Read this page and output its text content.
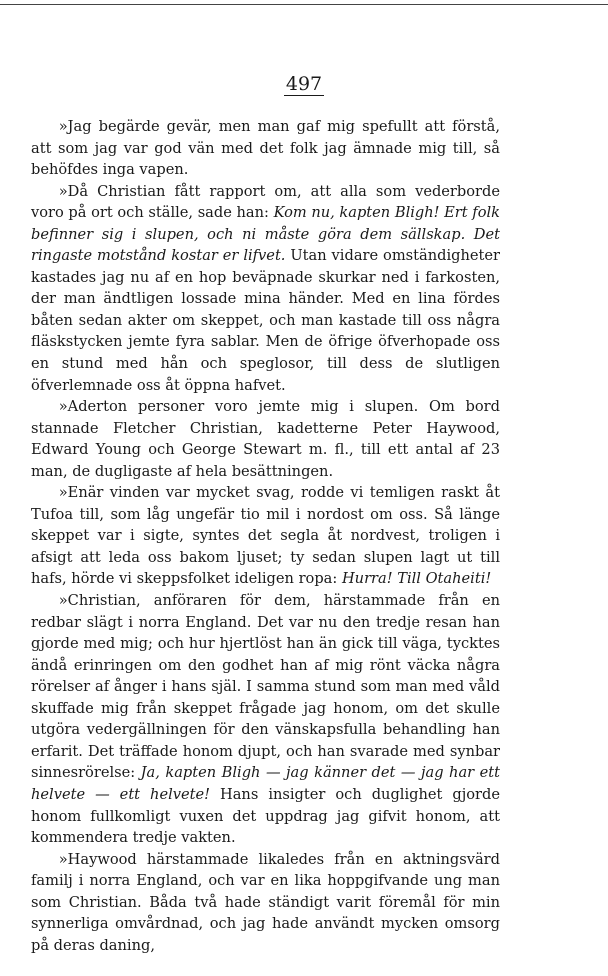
497

»Jag begärde gevär, men man gaf mig spefullt att förstå, att som jag var god vän med det folk jag ämnade mig till, så behöfdes inga vapen.

»Då Christian fått rapport om, att alla som vederborde voro på ort och ställe, sade han: Kom nu, kapten Bligh! Ert folk befinner sig i slupen, och ni måste göra dem sällskap. Det ringaste motstånd kostar er lifvet. Utan vidare omständigheter kastades jag nu af en hop beväpnade skurkar ned i farkosten, der man ändtligen lossade mina händer. Med en lina fördes båten sedan akter om skeppet, och man kastade till oss några fläskstycken jemte fyra sablar. Men de öfrige öfverhopade oss en stund med hån och speglosor, till dess de slutligen öfverlemnade oss åt öppna hafvet.

»Aderton personer voro jemte mig i slupen. Om bord stannade Fletcher Christian, kadetterne Peter Haywood, Edward Young och George Stewart m. fl., till ett antal af 23 man, de dugligaste af hela besättningen.

»Enär vinden var mycket svag, rodde vi temligen raskt åt Tufoa till, som låg ungefär tio mil i nordost om oss. Så länge skeppet var i sigte, syntes det segla åt nordvest, troligen i afsigt att leda oss bakom ljuset; ty sedan slupen lagt ut till hafs, hörde vi skeppsfolket ideligen ropa: Hurra! Till Otaheiti!

»Christian, anföraren för dem, härstammade från en redbar slägt i norra England. Det var nu den tredje resan han gjorde med mig; och hur hjertlöst han än gick till väga, tycktes ändå erinringen om den godhet han af mig rönt väcka några rörelser af ånger i hans själ. I samma stund som man med våld skuffade mig från skeppet frågade jag honom, om det skulle utgöra vedergällningen för den vänskapsfulla behandling han erfarit. Det träffade honom djupt, och han svarade med synbar sinnesrörelse: Ja, kapten Bligh — jag känner det — jag har ett helvete — ett helvete! Hans insigter och duglighet gjorde honom fullkomligt vuxen det uppdrag jag gifvit honom, att kommendera tredje vakten.

»Haywood härstammade likaledes från en aktningsvärd familj i norra England, och var en lika hoppgifvande ung man som Christian. Båda två hade ständigt varit föremål för min synnerliga omvårdnad, och jag hade användt mycken omsorg på deras daning,
